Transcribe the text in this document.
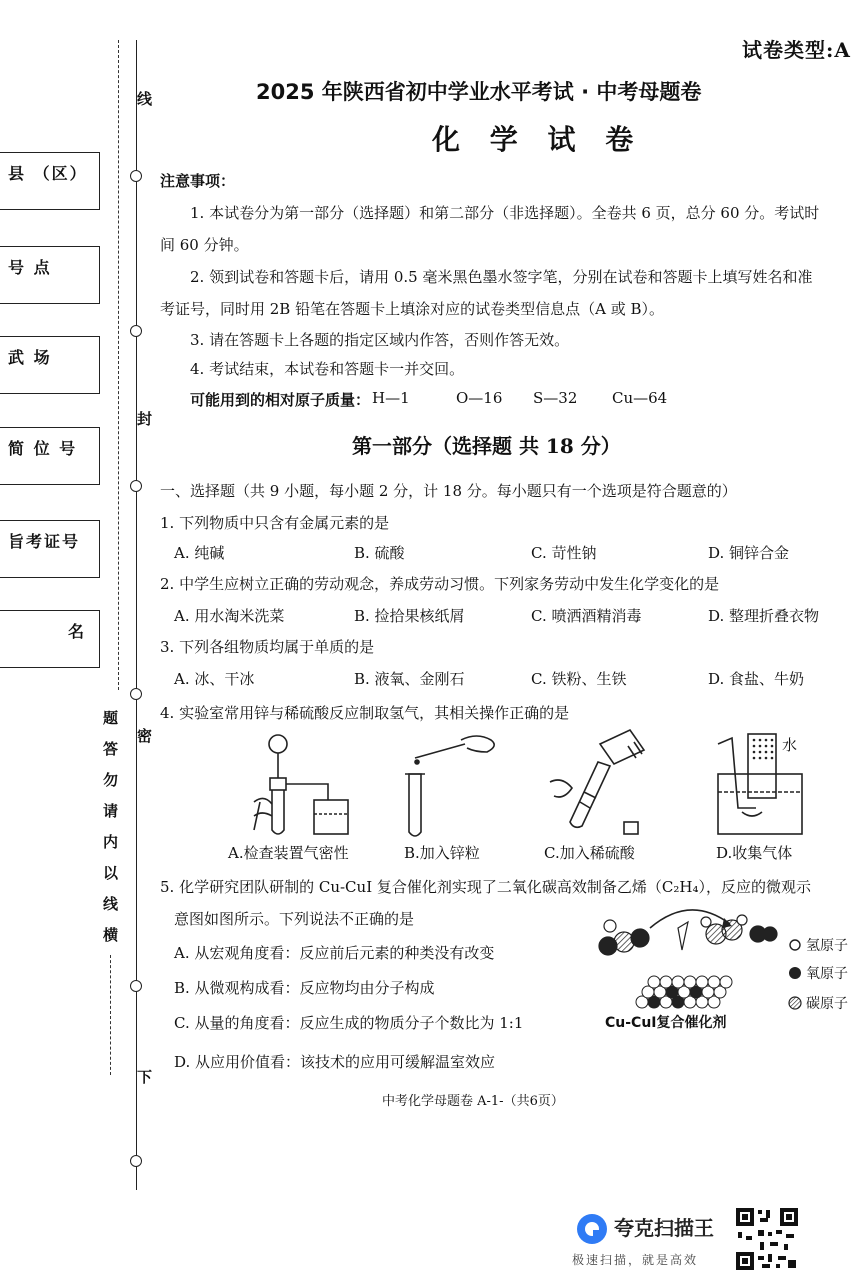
县 （区）
号 点
武 场
简 位 号
旨考证号
名
线
封
密
下
题
答
勿
请
内
以
线
横
试卷类型:A
2025 年陕西省初中学业水平考试 · 中考母题卷
化 学 试 卷
注意事项：
1. 本试卷分为第一部分（选择题）和第二部分（非选择题）。全卷共 6 页，总分 60 分。考试时
间 60 分钟。
2. 领到试卷和答题卡后，请用 0.5 毫米黑色墨水签字笔，分别在试卷和答题卡上填写姓名和准
考证号，同时用 2B 铅笔在答题卡上填涂对应的试卷类型信息点（A 或 B）。
3. 请在答题卡上各题的指定区域内作答，否则作答无效。
4. 考试结束，本试卷和答题卡一并交回。
可能用到的相对原子质量： H—1	O—16 S—32 Cu—64
第一部分（选择题 共 18 分）
一、选择题（共 9 小题，每小题 2 分，计 18 分。每小题只有一个选项是符合题意的）
1. 下列物质中只含有金属元素的是
A. 纯碱	B. 硫酸	C. 苛性钠	D. 铜锌合金
2. 中学生应树立正确的劳动观念，养成劳动习惯。下列家务劳动中发生化学变化的是
A. 用水淘米洗菜	B. 捡拾果核纸屑	C. 喷洒酒精消毒	D. 整理折叠衣物
3. 下列各组物质均属于单质的是
A. 冰、干冰	B. 液氧、金刚石	C. 铁粉、生铁	D. 食盐、牛奶
4. 实验室常用锌与稀硫酸反应制取氢气，其相关操作正确的是
水
A.检查装置气密性	B.加入锌粒	C.加入稀硫酸	D.收集气体
5. 化学研究团队研制的 Cu-CuI 复合催化剂实现了二氧化碳高效制备乙烯（C₂H₄），反应的微观示
意图如图所示。下列说法不正确的是
A. 从宏观角度看：反应前后元素的种类没有改变
B. 从微观构成看：反应物均由分子构成
C. 从量的角度看：反应生成的物质分子个数比为 1:1
D. 从应用价值看：该技术的应用可缓解温室效应
Cu-CuI复合催化剂
氢原子
氧原子
碳原子
中考化学母题卷 A-1-（共6页）
夸克扫描王
极速扫描，就是高效
